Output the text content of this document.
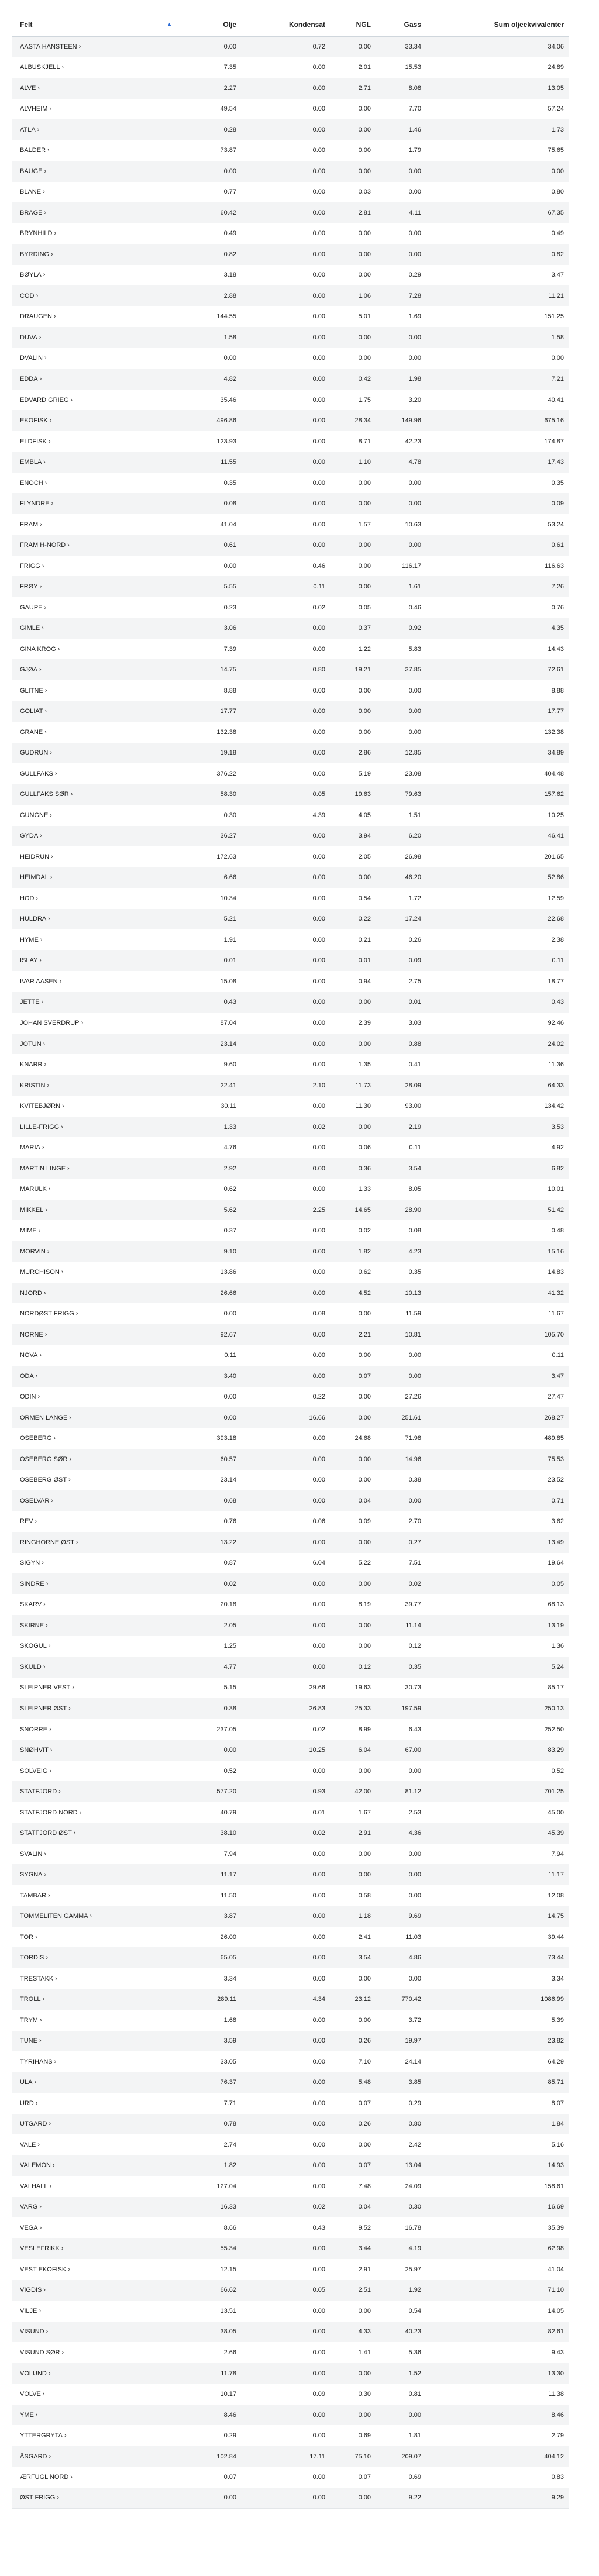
Felt ▲	Olje	Kondensat	NGL	Gass	Sum oljeekvivalenter
AASTA HANSTEEN ›	0.00	0.72	0.00	33.34	34.06
ALBUSKJELL ›	7.35	0.00	2.01	15.53	24.89
ALVE ›	2.27	0.00	2.71	8.08	13.05
ALVHEIM ›	49.54	0.00	0.00	7.70	57.24
ATLA ›	0.28	0.00	0.00	1.46	1.73
BALDER ›	73.87	0.00	0.00	1.79	75.65
BAUGE ›	0.00	0.00	0.00	0.00	0.00
BLANE ›	0.77	0.00	0.03	0.00	0.80
BRAGE ›	60.42	0.00	2.81	4.11	67.35
BRYNHILD ›	0.49	0.00	0.00	0.00	0.49
BYRDING ›	0.82	0.00	0.00	0.00	0.82
BØYLA ›	3.18	0.00	0.00	0.29	3.47
COD ›	2.88	0.00	1.06	7.28	11.21
DRAUGEN ›	144.55	0.00	5.01	1.69	151.25
DUVA ›	1.58	0.00	0.00	0.00	1.58
DVALIN ›	0.00	0.00	0.00	0.00	0.00
EDDA ›	4.82	0.00	0.42	1.98	7.21
EDVARD GRIEG ›	35.46	0.00	1.75	3.20	40.41
EKOFISK ›	496.86	0.00	28.34	149.96	675.16
ELDFISK ›	123.93	0.00	8.71	42.23	174.87
EMBLA ›	11.55	0.00	1.10	4.78	17.43
ENOCH ›	0.35	0.00	0.00	0.00	0.35
FLYNDRE ›	0.08	0.00	0.00	0.00	0.09
FRAM ›	41.04	0.00	1.57	10.63	53.24
FRAM H-NORD ›	0.61	0.00	0.00	0.00	0.61
FRIGG ›	0.00	0.46	0.00	116.17	116.63
FRØY ›	5.55	0.11	0.00	1.61	7.26
GAUPE ›	0.23	0.02	0.05	0.46	0.76
GIMLE ›	3.06	0.00	0.37	0.92	4.35
GINA KROG ›	7.39	0.00	1.22	5.83	14.43
GJØA ›	14.75	0.80	19.21	37.85	72.61
GLITNE ›	8.88	0.00	0.00	0.00	8.88
GOLIAT ›	17.77	0.00	0.00	0.00	17.77
GRANE ›	132.38	0.00	0.00	0.00	132.38
GUDRUN ›	19.18	0.00	2.86	12.85	34.89
GULLFAKS ›	376.22	0.00	5.19	23.08	404.48
GULLFAKS SØR ›	58.30	0.05	19.63	79.63	157.62
GUNGNE ›	0.30	4.39	4.05	1.51	10.25
GYDA ›	36.27	0.00	3.94	6.20	46.41
HEIDRUN ›	172.63	0.00	2.05	26.98	201.65
HEIMDAL ›	6.66	0.00	0.00	46.20	52.86
HOD ›	10.34	0.00	0.54	1.72	12.59
HULDRA ›	5.21	0.00	0.22	17.24	22.68
HYME ›	1.91	0.00	0.21	0.26	2.38
ISLAY ›	0.01	0.00	0.01	0.09	0.11
IVAR AASEN ›	15.08	0.00	0.94	2.75	18.77
JETTE ›	0.43	0.00	0.00	0.01	0.43
JOHAN SVERDRUP ›	87.04	0.00	2.39	3.03	92.46
JOTUN ›	23.14	0.00	0.00	0.88	24.02
KNARR ›	9.60	0.00	1.35	0.41	11.36
KRISTIN ›	22.41	2.10	11.73	28.09	64.33
KVITEBJØRN ›	30.11	0.00	11.30	93.00	134.42
LILLE-FRIGG ›	1.33	0.02	0.00	2.19	3.53
MARIA ›	4.76	0.00	0.06	0.11	4.92
MARTIN LINGE ›	2.92	0.00	0.36	3.54	6.82
MARULK ›	0.62	0.00	1.33	8.05	10.01
MIKKEL ›	5.62	2.25	14.65	28.90	51.42
MIME ›	0.37	0.00	0.02	0.08	0.48
MORVIN ›	9.10	0.00	1.82	4.23	15.16
MURCHISON ›	13.86	0.00	0.62	0.35	14.83
NJORD ›	26.66	0.00	4.52	10.13	41.32
NORDØST FRIGG ›	0.00	0.08	0.00	11.59	11.67
NORNE ›	92.67	0.00	2.21	10.81	105.70
NOVA ›	0.11	0.00	0.00	0.00	0.11
ODA ›	3.40	0.00	0.07	0.00	3.47
ODIN ›	0.00	0.22	0.00	27.26	27.47
ORMEN LANGE ›	0.00	16.66	0.00	251.61	268.27
OSEBERG ›	393.18	0.00	24.68	71.98	489.85
OSEBERG SØR ›	60.57	0.00	0.00	14.96	75.53
OSEBERG ØST ›	23.14	0.00	0.00	0.38	23.52
OSELVAR ›	0.68	0.00	0.04	0.00	0.71
REV ›	0.76	0.06	0.09	2.70	3.62
RINGHORNE ØST ›	13.22	0.00	0.00	0.27	13.49
SIGYN ›	0.87	6.04	5.22	7.51	19.64
SINDRE ›	0.02	0.00	0.00	0.02	0.05
SKARV ›	20.18	0.00	8.19	39.77	68.13
SKIRNE ›	2.05	0.00	0.00	11.14	13.19
SKOGUL ›	1.25	0.00	0.00	0.12	1.36
SKULD ›	4.77	0.00	0.12	0.35	5.24
SLEIPNER VEST ›	5.15	29.66	19.63	30.73	85.17
SLEIPNER ØST ›	0.38	26.83	25.33	197.59	250.13
SNORRE ›	237.05	0.02	8.99	6.43	252.50
SNØHVIT ›	0.00	10.25	6.04	67.00	83.29
SOLVEIG ›	0.52	0.00	0.00	0.00	0.52
STATFJORD ›	577.20	0.93	42.00	81.12	701.25
STATFJORD NORD ›	40.79	0.01	1.67	2.53	45.00
STATFJORD ØST ›	38.10	0.02	2.91	4.36	45.39
SVALIN ›	7.94	0.00	0.00	0.00	7.94
SYGNA ›	11.17	0.00	0.00	0.00	11.17
TAMBAR ›	11.50	0.00	0.58	0.00	12.08
TOMMELITEN GAMMA ›	3.87	0.00	1.18	9.69	14.75
TOR ›	26.00	0.00	2.41	11.03	39.44
TORDIS ›	65.05	0.00	3.54	4.86	73.44
TRESTAKK ›	3.34	0.00	0.00	0.00	3.34
TROLL ›	289.11	4.34	23.12	770.42	1086.99
TRYM ›	1.68	0.00	0.00	3.72	5.39
TUNE ›	3.59	0.00	0.26	19.97	23.82
TYRIHANS ›	33.05	0.00	7.10	24.14	64.29
ULA ›	76.37	0.00	5.48	3.85	85.71
URD ›	7.71	0.00	0.07	0.29	8.07
UTGARD ›	0.78	0.00	0.26	0.80	1.84
VALE ›	2.74	0.00	0.00	2.42	5.16
VALEMON ›	1.82	0.00	0.07	13.04	14.93
VALHALL ›	127.04	0.00	7.48	24.09	158.61
VARG ›	16.33	0.02	0.04	0.30	16.69
VEGA ›	8.66	0.43	9.52	16.78	35.39
VESLEFRIKK ›	55.34	0.00	3.44	4.19	62.98
VEST EKOFISK ›	12.15	0.00	2.91	25.97	41.04
VIGDIS ›	66.62	0.05	2.51	1.92	71.10
VILJE ›	13.51	0.00	0.00	0.54	14.05
VISUND ›	38.05	0.00	4.33	40.23	82.61
VISUND SØR ›	2.66	0.00	1.41	5.36	9.43
VOLUND ›	11.78	0.00	0.00	1.52	13.30
VOLVE ›	10.17	0.09	0.30	0.81	11.38
YME ›	8.46	0.00	0.00	0.00	8.46
YTTERGRYTA ›	0.29	0.00	0.69	1.81	2.79
ÅSGARD ›	102.84	17.11	75.10	209.07	404.12
ÆRFUGL NORD ›	0.07	0.00	0.07	0.69	0.83
ØST FRIGG ›	0.00	0.00	0.00	9.22	9.29
